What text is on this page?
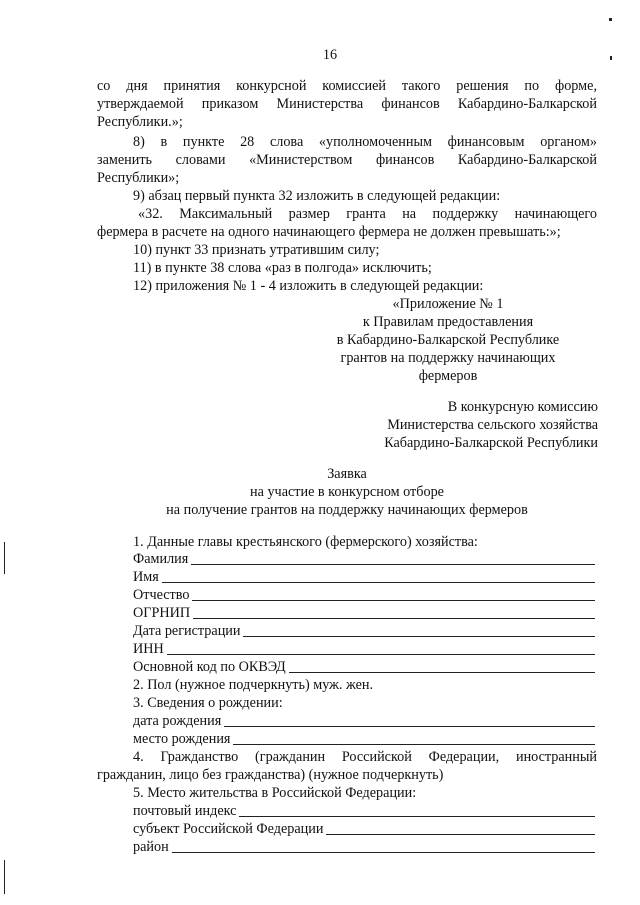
16
со дня принятия конкурсной комиссией такого решения по форме,
утверждаемой приказом Министерства финансов Кабардино-Балкарской
Республики.»;
8) в пункте 28 слова «уполномоченным финансовым органом»
заменить словами «Министерством финансов Кабардино-Балкарской
Республики»;
9) абзац первый пункта 32 изложить в следующей редакции:
«32. Максимальный размер гранта на поддержку начинающего
фермера в расчете на одного начинающего фермера не должен превышать:»;
10) пункт 33 признать утратившим силу;
11) в пункте 38 слова «раз в полгода» исключить;
12) приложения № 1 - 4 изложить в следующей редакции:
«Приложение № 1
к Правилам предоставления
в Кабардино-Балкарской Республике
грантов на поддержку начинающих
фермеров
В конкурсную комиссию
Министерства сельского хозяйства
Кабардино-Балкарской Республики
Заявка
на участие в конкурсном отборе
на получение грантов на поддержку начинающих фермеров
1. Данные главы крестьянского (фермерского) хозяйства:
Фамилия
Имя
Отчество
ОГРНИП
Дата регистрации
ИНН
Основной код по ОКВЭД
2. Пол (нужное подчеркнуть) муж. жен.
3. Сведения о рождении:
дата рождения
место рождения
4. Гражданство (гражданин Российской Федерации, иностранный
гражданин, лицо без гражданства) (нужное подчеркнуть)
5. Место жительства в Российской Федерации:
почтовый индекс
субъект Российской Федерации
район
